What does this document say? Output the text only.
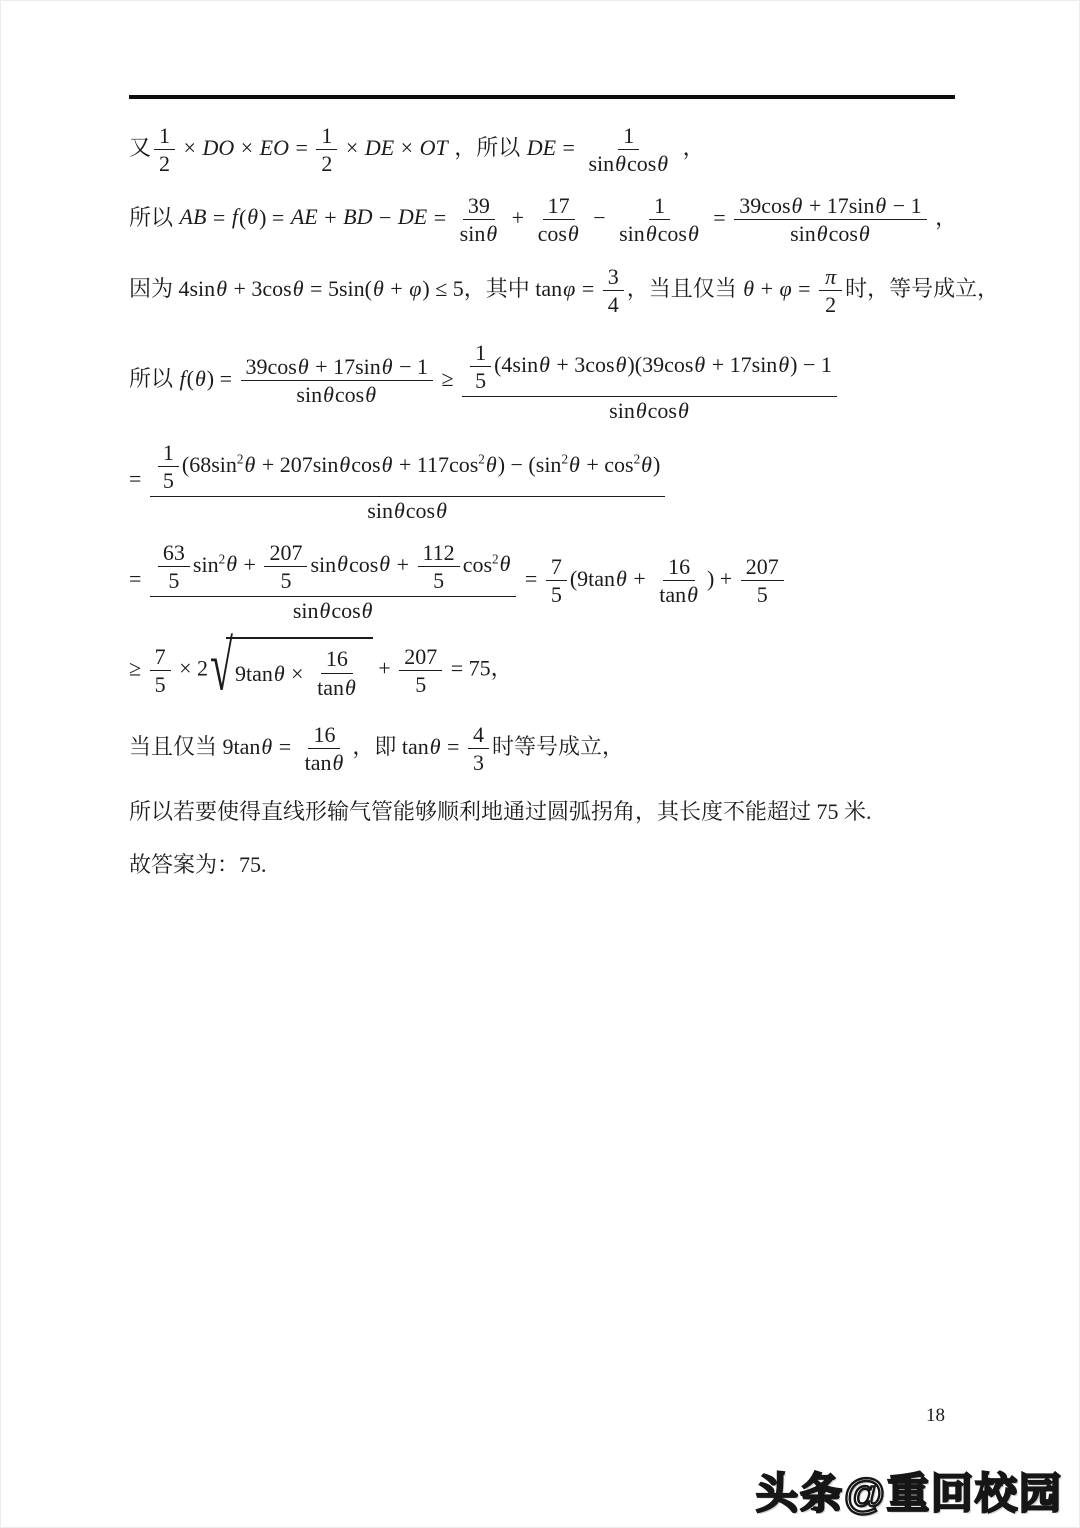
又 $\frac{1}{2}$ × DO × EO = $\frac{1}{2}$ × DE × OT ，所以 DE = $\frac{1}{\sin\theta\cos\theta}$ ，
所以 AB = f(θ) = AE + BD − DE = $\frac{39}{\sin\theta} + \frac{17}{\cos\theta} - \frac{1}{\sin\theta\cos\theta} = \frac{39\cos\theta + 17\sin\theta - 1}{\sin\theta\cos\theta}$ ，
因为 4sinθ + 3cosθ = 5sin(θ + φ) ≤ 5，其中 $\tan\varphi = \frac{3}{4}$ ，当且仅当 $\theta + \varphi = \frac{\pi}{2}$ 时，等号成立，
所以 $f(\theta) = \frac{39\cos\theta + 17\sin\theta - 1}{\sin\theta\cos\theta} \ge \frac{\frac{1}{5} (4\sin\theta + 3\cos\theta)(39\cos\theta + 17\sin\theta) - 1}{\sin\theta\cos\theta}$
= $\frac{\frac{1}{5} (68\sin^2\theta + 207\sin\theta\cos\theta + 117\cos^2\theta) - (\sin^2\theta + \cos^2\theta)}{\sin\theta\cos\theta}$
= $\frac{\frac{63}{5} \sin^2\theta + \frac{207}{5} \sin\theta\cos\theta + \frac{112}{5} \cos^2\theta}{\sin\theta\cos\theta} = \frac{7}{5} (9\tan\theta + \frac{16}{\tan\theta}$ ) + $\frac{207}{5}$
≥ $\frac{7}{5} \times 2$ √ 9tan $\theta \times \frac{16}{\tan\theta} + \frac{207}{5} = 75$，
当且仅当 $9\tan\theta = \frac{16}{\tan\theta}$ ，即 $\tan\theta = \frac{4}{3}$ 时等号成立，
所以若要使得直线形输气管能够顺利地通过圆弧拐角，其长度不能超过 75 米.
故答案为：75.
18
头条@重回校园
